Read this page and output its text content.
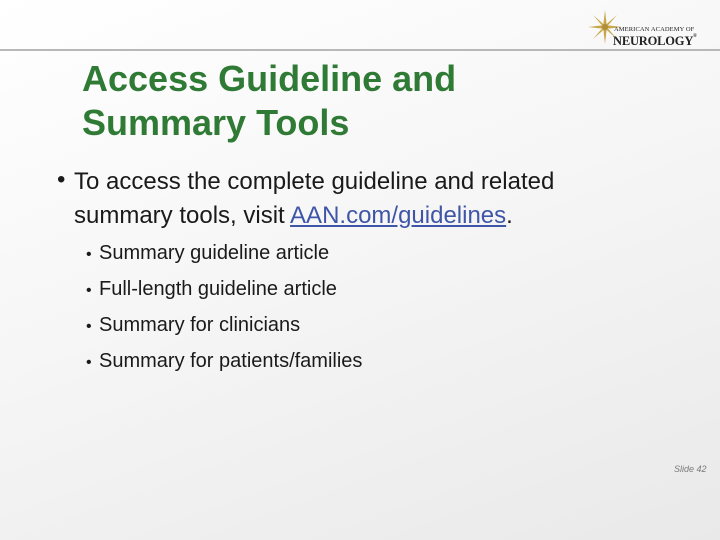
AMERICAN ACADEMY OF
NEUROLOGY®
Access Guideline and
Summary Tools
• To access the complete guideline and related summary tools, visit AAN.com/guidelines.
• Summary guideline article
• Full-length guideline article
• Summary for clinicians
• Summary for patients/families
Slide 42
